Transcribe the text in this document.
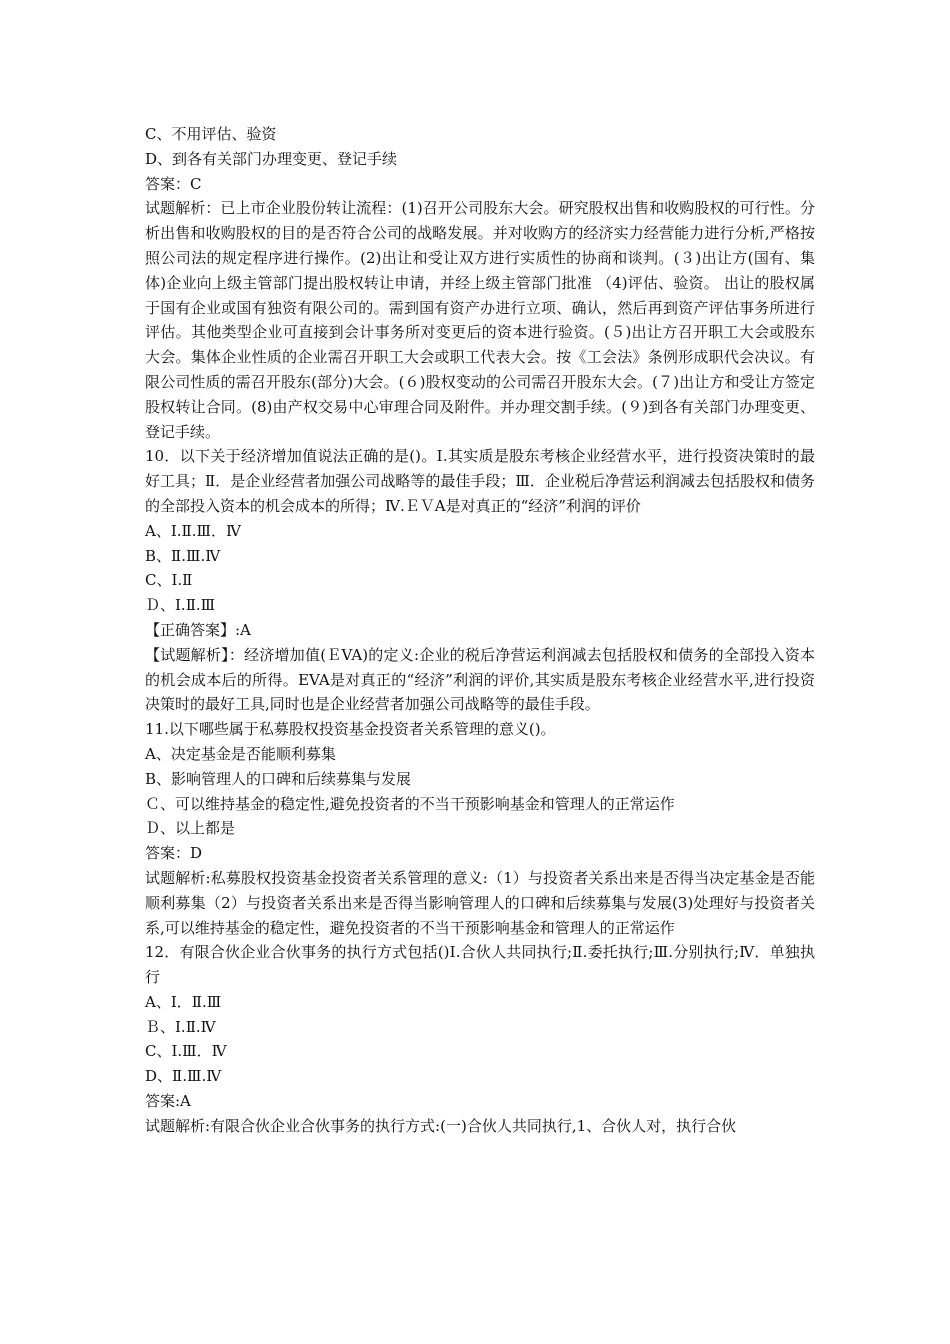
C、不用评估、验资

D、到各有关部门办理变更、登记手续

答案：C

试题解析：已上市企业股份转让流程：(1)召开公司股东大会。研究股权出售和收购股权的可行性。分析出售和收购股权的目的是否符合公司的战略发展。并对收购方的经济实力经营能力进行分析,严格按照公司法的规定程序进行操作。(2)出让和受让双方进行实质性的协商和谈判。(３)出让方(国有、集体)企业向上级主管部门提出股权转让申请，并经上级主管部门批准 （4)评估、验资。 出让的股权属于国有企业或国有独资有限公司的。需到国有资产办进行立项、确认，然后再到资产评估事务所进行评估。其他类型企业可直接到会计事务所对变更后的资本进行验资。(５)出让方召开职工大会或股东大会。集体企业性质的企业需召开职工大会或职工代表大会。按《工会法》条例形成职代会决议。有限公司性质的需召开股东(部分)大会。(６)股权变动的公司需召开股东大会。(７)出让方和受让方签定股权转让合同。(8)由产权交易中心审理合同及附件。并办理交割手续。(９)到各有关部门办理变更、登记手续。

10．以下关于经济增加值说法正确的是()。Ⅰ.其实质是股东考核企业经营水平，进行投资决策时的最好工具；Ⅱ．是企业经营者加强公司战略等的最佳手段；Ⅲ．企业税后净营运利润减去包括股权和债务的全部投入资本的机会成本的所得；Ⅳ.ＥＶA是对真正的“经济”利润的评价

A、Ⅰ.Ⅱ.Ⅲ．Ⅳ

B、Ⅱ.Ⅲ.Ⅳ

C、Ⅰ.Ⅱ

Ｄ、Ⅰ.Ⅱ.Ⅲ

【正确答案】:A

【试题解析】：经济增加值(ＥVA)的定义:企业的税后净营运利润减去包括股权和债务的全部投入资本的机会成本后的所得。EVA是对真正的“经济”利润的评价,其实质是股东考核企业经营水平,进行投资决策时的最好工具,同时也是企业经营者加强公司战略等的最佳手段。

11.以下哪些属于私募股权投资基金投资者关系管理的意义()。

A、决定基金是否能顺利募集

B、影响管理人的口碑和后续募集与发展

Ｃ、可以维持基金的稳定性,避免投资者的不当干预影响基金和管理人的正常运作

Ｄ、以上都是

答案：D

试题解析:私募股权投资基金投资者关系管理的意义:（1）与投资者关系出来是否得当决定基金是否能顺利募集（2）与投资者关系出来是否得当影响管理人的口碑和后续募集与发展(3)处理好与投资者关系,可以维持基金的稳定性，避免投资者的不当干预影响基金和管理人的正常运作

12．有限合伙企业合伙事务的执行方式包括()Ⅰ.合伙人共同执行;Ⅱ.委托执行;Ⅲ.分别执行;Ⅳ．单独执行

A、Ⅰ．Ⅱ.Ⅲ

Ｂ、Ⅰ.Ⅱ.Ⅳ

C、Ⅰ.Ⅲ．Ⅳ

D、Ⅱ.Ⅲ.Ⅳ

答案:A

试题解析:有限合伙企业合伙事务的执行方式:(一)合伙人共同执行,1、合伙人对，执行合伙
